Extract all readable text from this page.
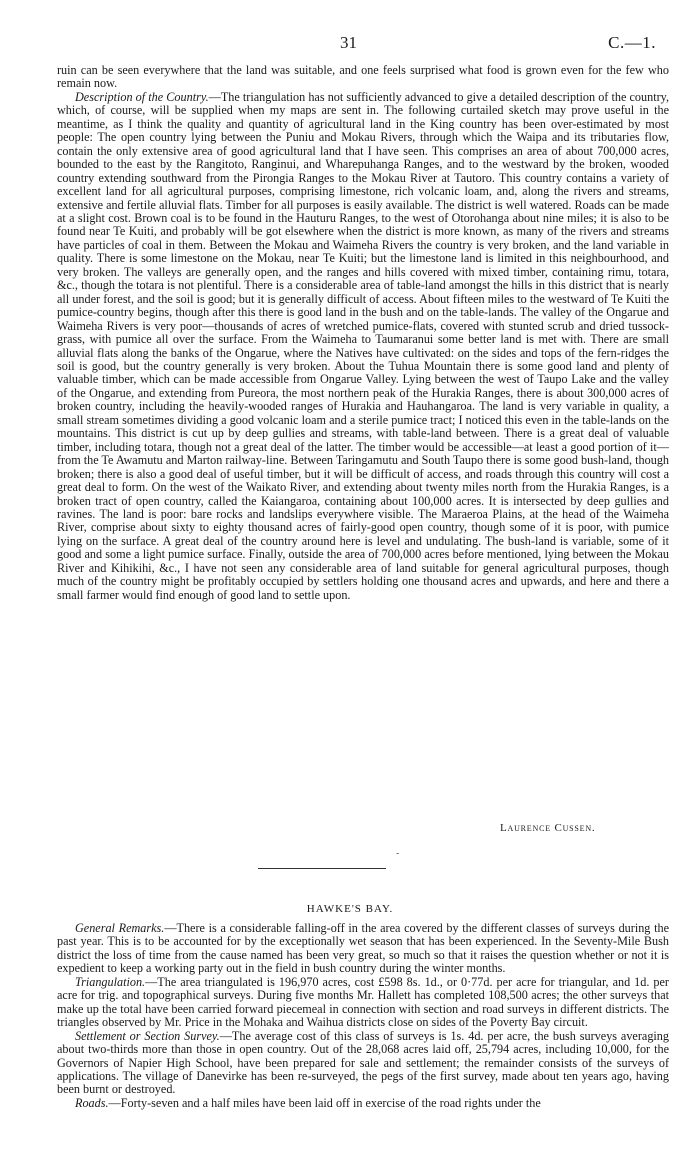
31	C.—1.

ruin can be seen everywhere that the land was suitable, and one feels surprised what food is grown even for the few who remain now.

Description of the Country.—The triangulation has not sufficiently advanced to give a detailed description of the country, which, of course, will be supplied when my maps are sent in. The following curtailed sketch may prove useful in the meantime, as I think the quality and quantity of agricultural land in the King country has been over-estimated by most people: The open country lying between the Puniu and Mokau Rivers, through which the Waipa and its tributaries flow, contain the only extensive area of good agricultural land that I have seen. This comprises an area of about 700,000 acres, bounded to the east by the Rangitoto, Ranginui, and Wharepuhanga Ranges, and to the westward by the broken, wooded country extending southward from the Pirongia Ranges to the Mokau River at Tautoro. This country contains a variety of excellent land for all agricultural purposes, comprising limestone, rich volcanic loam, and, along the rivers and streams, extensive and fertile alluvial flats. Timber for all purposes is easily available. The district is well watered. Roads can be made at a slight cost. Brown coal is to be found in the Hauturu Ranges, to the west of Otorohanga about nine miles; it is also to be found near Te Kuiti, and probably will be got elsewhere when the district is more known, as many of the rivers and streams have particles of coal in them. Between the Mokau and Waimeha Rivers the country is very broken, and the land variable in quality. There is some limestone on the Mokau, near Te Kuiti; but the limestone land is limited in this neighbourhood, and very broken. The valleys are generally open, and the ranges and hills covered with mixed timber, containing rimu, totara, &c., though the totara is not plentiful. There is a considerable area of table-land amongst the hills in this district that is nearly all under forest, and the soil is good; but it is generally difficult of access. About fifteen miles to the westward of Te Kuiti the pumice-country begins, though after this there is good land in the bush and on the table-lands. The valley of the Ongarue and Waimeha Rivers is very poor—thousands of acres of wretched pumice-flats, covered with stunted scrub and dried tussock-grass, with pumice all over the surface. From the Waimeha to Taumaranui some better land is met with. There are small alluvial flats along the banks of the Ongarue, where the Natives have cultivated: on the sides and tops of the fern-ridges the soil is good, but the country generally is very broken. About the Tuhua Mountain there is some good land and plenty of valuable timber, which can be made accessible from Ongarue Valley. Lying between the west of Taupo Lake and the valley of the Ongarue, and extending from Pureora, the most northern peak of the Hurakia Ranges, there is about 300,000 acres of broken country, including the heavily-wooded ranges of Hurakia and Hauhangaroa. The land is very variable in quality, a small stream sometimes dividing a good volcanic loam and a sterile pumice tract; I noticed this even in the table-lands on the mountains. This district is cut up by deep gullies and streams, with table-land between. There is a great deal of valuable timber, including totara, though not a great deal of the latter. The timber would be accessible—at least a good portion of it—from the Te Awamutu and Marton railway-line. Between Taringamutu and South Taupo there is some good bush-land, though broken; there is also a good deal of useful timber, but it will be difficult of access, and roads through this country will cost a great deal to form. On the west of the Waikato River, and extending about twenty miles north from the Hurakia Ranges, is a broken tract of open country, called the Kaiangaroa, containing about 100,000 acres. It is intersected by deep gullies and ravines. The land is poor: bare rocks and landslips everywhere visible. The Maraeroa Plains, at the head of the Waimeha River, comprise about sixty to eighty thousand acres of fairly-good open country, though some of it is poor, with pumice lying on the surface. A great deal of the country around here is level and undulating. The bush-land is variable, some of it good and some a light pumice surface. Finally, outside the area of 700,000 acres before mentioned, lying between the Mokau River and Kihikihi, &c., I have not seen any considerable area of land suitable for general agricultural purposes, though much of the country might be profitably occupied by settlers holding one thousand acres and upwards, and here and there a small farmer would find enough of good land to settle upon.

Laurence Cussen.
-
HAWKE'S BAY.

General Remarks.—There is a considerable falling-off in the area covered by the different classes of surveys during the past year. This is to be accounted for by the exceptionally wet season that has been experienced. In the Seventy-Mile Bush district the loss of time from the cause named has been very great, so much so that it raises the question whether or not it is expedient to keep a working party out in the field in bush country during the winter months.

Triangulation.—The area triangulated is 196,970 acres, cost £598 8s. 1d., or 0·77d. per acre for triangular, and 1d. per acre for trig. and topographical surveys. During five months Mr. Hallett has completed 108,500 acres; the other surveys that make up the total have been carried forward piecemeal in connection with section and road surveys in different districts. The triangles observed by Mr. Price in the Mohaka and Waihua districts close on sides of the Poverty Bay circuit.

Settlement or Section Survey.—The average cost of this class of surveys is 1s. 4d. per acre, the bush surveys averaging about two-thirds more than those in open country. Out of the 28,068 acres laid off, 25,794 acres, including 10,000, for the Governors of Napier High School, have been prepared for sale and settlement; the remainder consists of the surveys of applications. The village of Danevirke has been re-surveyed, the pegs of the first survey, made about ten years ago, having been burnt or destroyed.

Roads.—Forty-seven and a half miles have been laid off in exercise of the road rights under the
